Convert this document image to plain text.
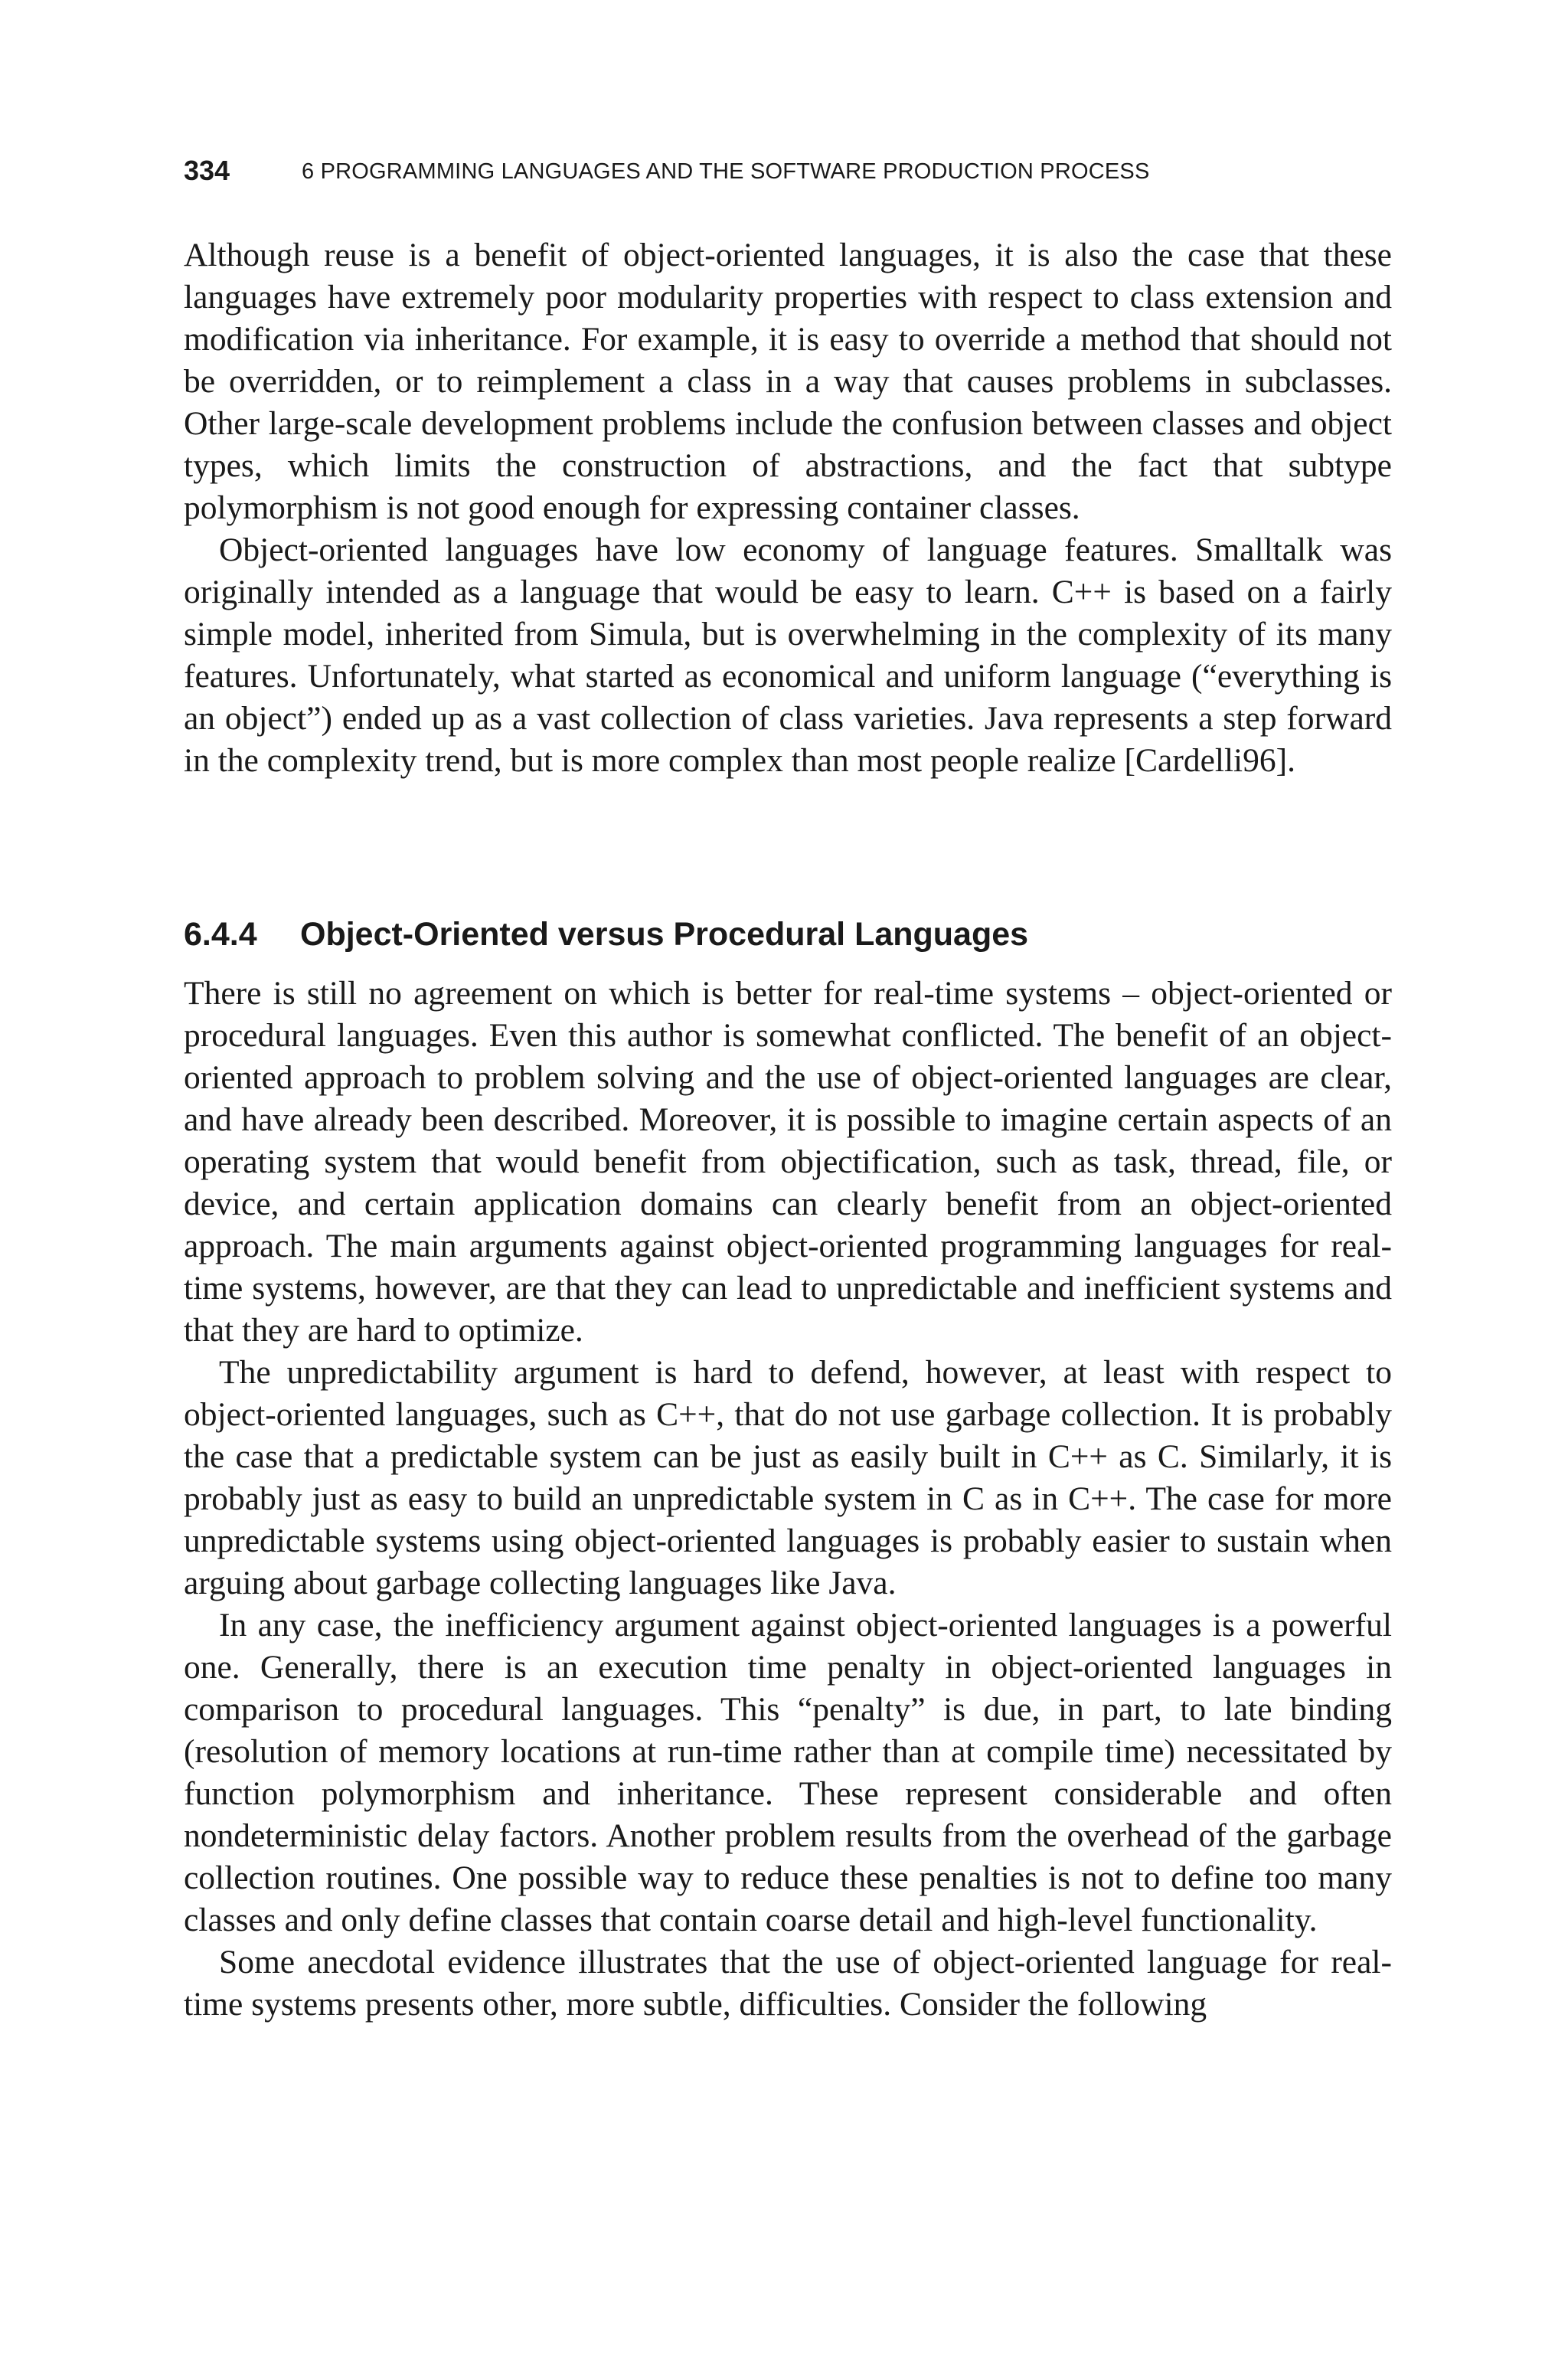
334	6 PROGRAMMING LANGUAGES AND THE SOFTWARE PRODUCTION PROCESS

Although reuse is a benefit of object-oriented languages, it is also the case that these languages have extremely poor modularity properties with respect to class extension and modification via inheritance. For example, it is easy to override a method that should not be overridden, or to reimplement a class in a way that causes problems in subclasses. Other large-scale development problems include the confusion between classes and object types, which limits the construction of abstractions, and the fact that subtype polymorphism is not good enough for expressing container classes.

Object-oriented languages have low economy of language features. Smalltalk was originally intended as a language that would be easy to learn. C++ is based on a fairly simple model, inherited from Simula, but is overwhelming in the complexity of its many features. Unfortunately, what started as economical and uniform language (“everything is an object”) ended up as a vast collection of class varieties. Java represents a step forward in the complexity trend, but is more complex than most people realize [Cardelli96].

6.4.4 Object-Oriented versus Procedural Languages

There is still no agreement on which is better for real-time systems – object-oriented or procedural languages. Even this author is somewhat conflicted. The benefit of an object-oriented approach to problem solving and the use of object-oriented languages are clear, and have already been described. Moreover, it is possible to imagine certain aspects of an operating system that would benefit from objectification, such as task, thread, file, or device, and certain application domains can clearly benefit from an object-oriented approach. The main arguments against object-oriented programming languages for real-time systems, however, are that they can lead to unpredictable and inefficient systems and that they are hard to optimize.

The unpredictability argument is hard to defend, however, at least with respect to object-oriented languages, such as C++, that do not use garbage collection. It is probably the case that a predictable system can be just as easily built in C++ as C. Similarly, it is probably just as easy to build an unpredictable system in C as in C++. The case for more unpredictable systems using object-oriented languages is probably easier to sustain when arguing about garbage collecting languages like Java.

In any case, the inefficiency argument against object-oriented languages is a powerful one. Generally, there is an execution time penalty in object-oriented languages in comparison to procedural languages. This “penalty” is due, in part, to late binding (resolution of memory locations at run-time rather than at compile time) necessitated by function polymorphism and inheritance. These represent considerable and often nondeterministic delay factors. Another problem results from the overhead of the garbage collection routines. One possible way to reduce these penalties is not to define too many classes and only define classes that contain coarse detail and high-level functionality.

Some anecdotal evidence illustrates that the use of object-oriented language for real-time systems presents other, more subtle, difficulties. Consider the following
